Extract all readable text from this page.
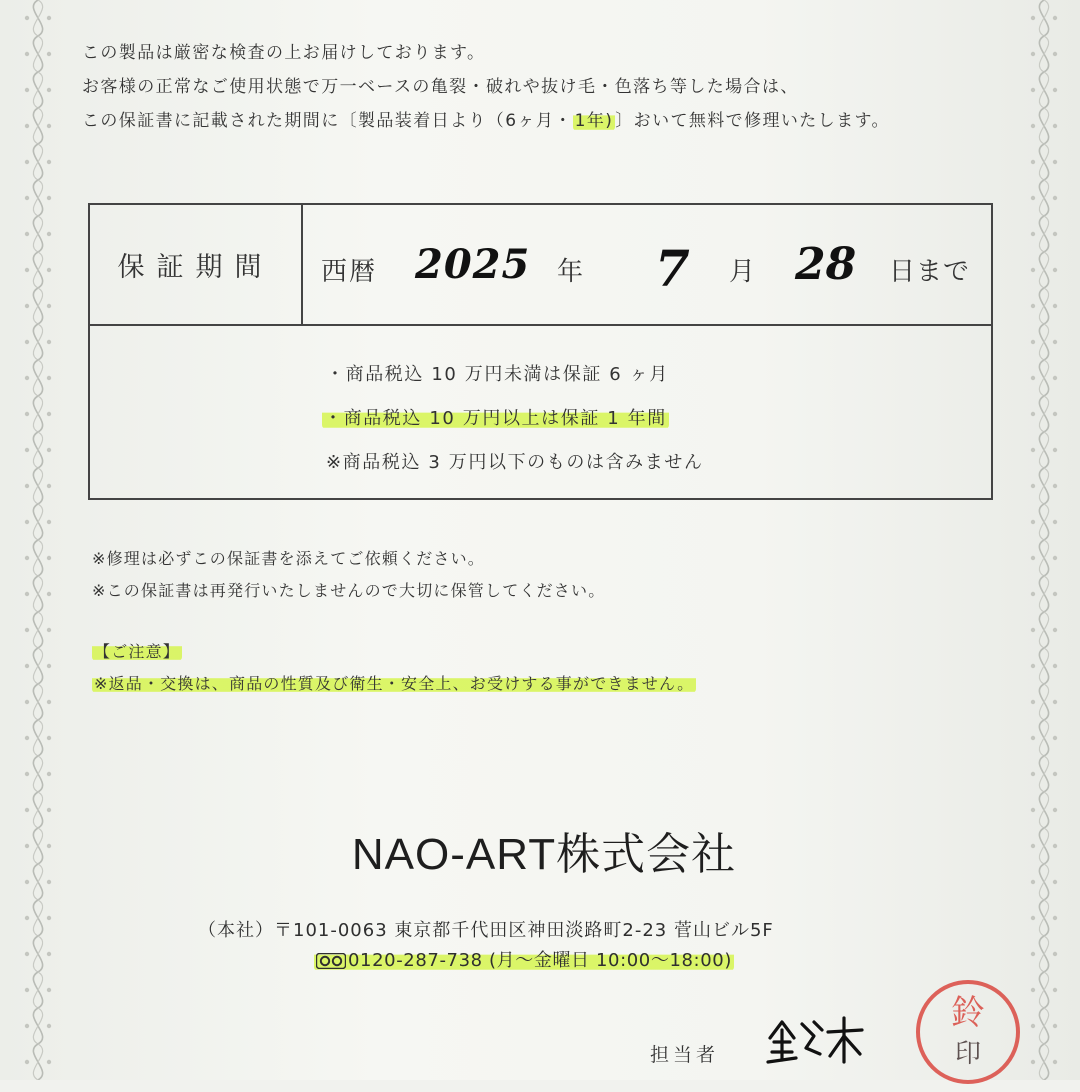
この製品は厳密な検査の上お届けしております。

お客様の正常なご使用状態で万一ベースの亀裂・破れや抜け毛・色落ち等した場合は、

この保証書に記載された期間に〔製品装着日より（6ヶ月・ 1年) 〕おいて無料で修理いたします。

保証期間	西暦 2025 年 7 月 28 日まで

・商品税込 10 万円未満は保証 6 ヶ月

・商品税込 10 万円以上は保証 1 年間

※商品税込 3 万円以下のものは含みません

※修理は必ずこの保証書を添えてご依頼ください。

※この保証書は再発行いたしませんので大切に保管してください。

【ご注意】

※返品・交換は、商品の性質及び衛生・安全上、お受けする事ができません。

NAO-ART株式会社
（本社）〒101-0063 東京都千代田区神田淡路町2-23 菅山ビル5F
0120-287-738 (月〜金曜日 10:00〜18:00)
担当者
鈴
印
